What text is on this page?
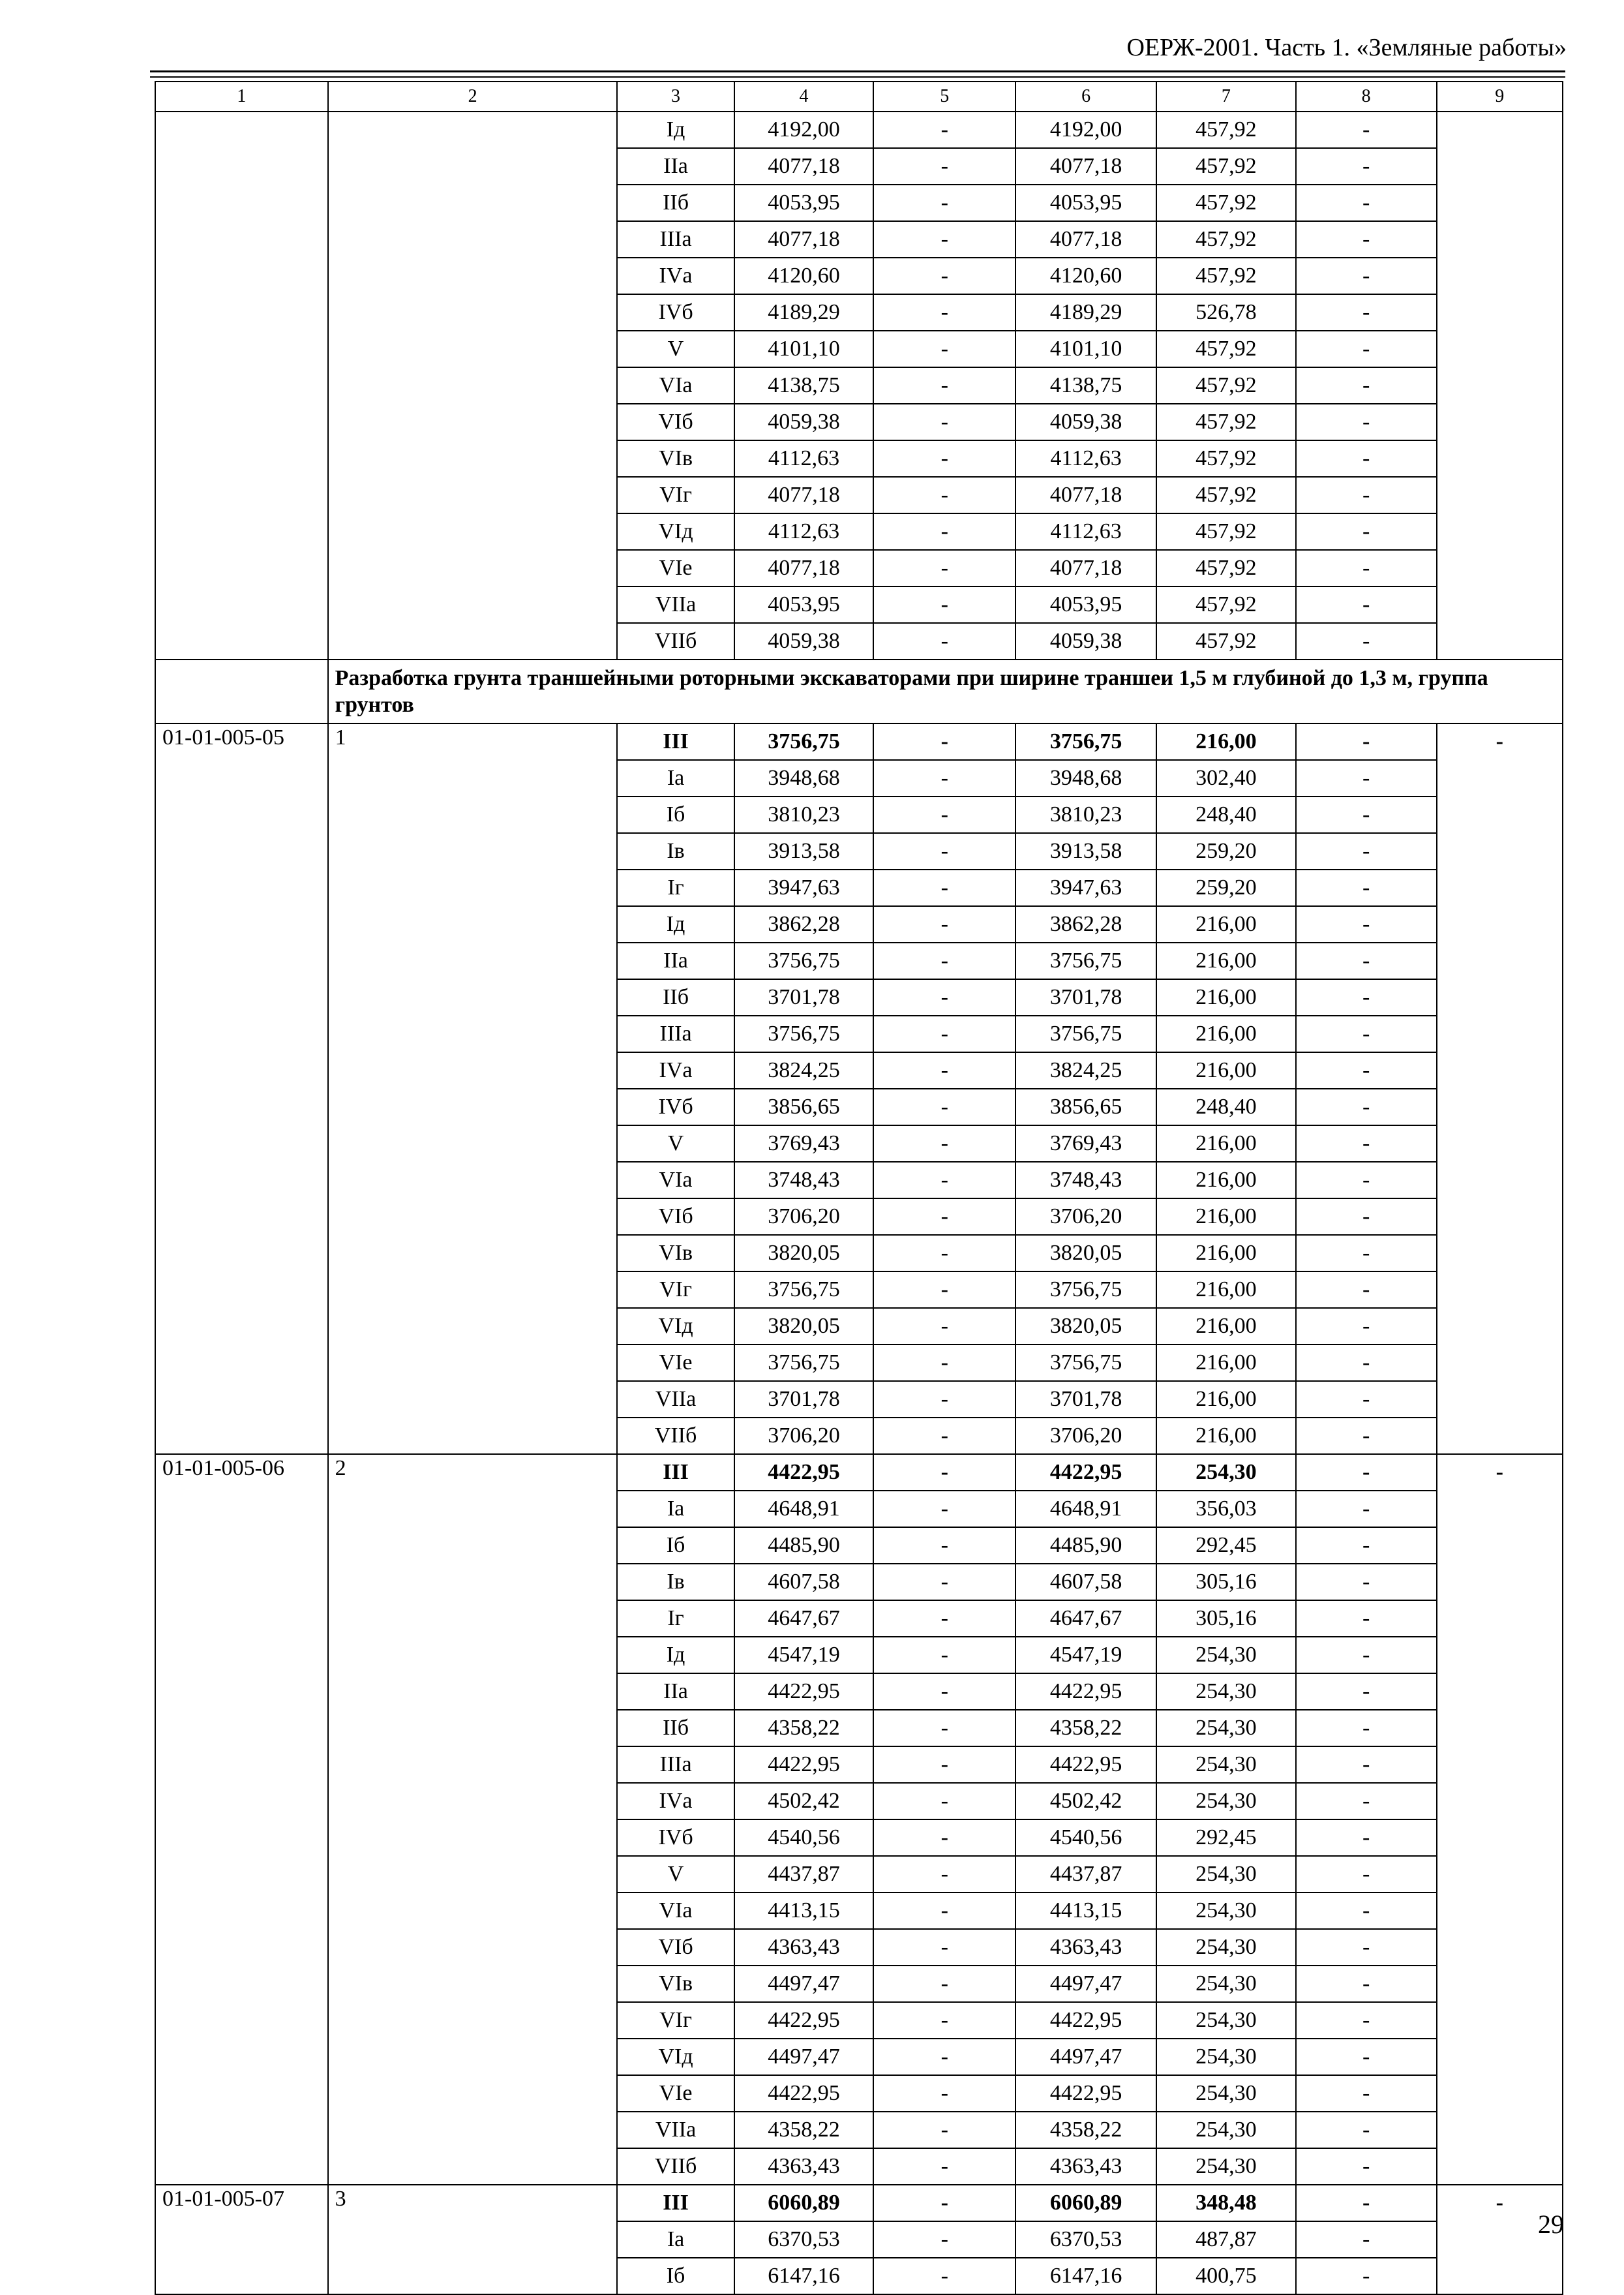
ОЕРЖ-2001. Часть 1. «Земляные работы»
1	2	3	4	5	6	7	8	9
		Iд	4192,00	-	4192,00	457,92	-	
		IIа	4077,18	-	4077,18	457,92	-	
		IIб	4053,95	-	4053,95	457,92	-	
		IIIа	4077,18	-	4077,18	457,92	-	
		IVа	4120,60	-	4120,60	457,92	-	
		IVб	4189,29	-	4189,29	526,78	-	
		V	4101,10	-	4101,10	457,92	-	
		VIа	4138,75	-	4138,75	457,92	-	
		VIб	4059,38	-	4059,38	457,92	-	
		VIв	4112,63	-	4112,63	457,92	-	
		VIг	4077,18	-	4077,18	457,92	-	
		VIд	4112,63	-	4112,63	457,92	-	
		VIе	4077,18	-	4077,18	457,92	-	
		VIIа	4053,95	-	4053,95	457,92	-	
		VIIб	4059,38	-	4059,38	457,92	-	
	Разработка грунта траншейными роторными экскаваторами при ширине траншеи 1,5 м глубиной до 1,3 м, группа грунтов							
01-01-005-05	1	III	3756,75	-	3756,75	216,00	-	-
		Iа	3948,68	-	3948,68	302,40	-	
		Iб	3810,23	-	3810,23	248,40	-	
		Iв	3913,58	-	3913,58	259,20	-	
		Iг	3947,63	-	3947,63	259,20	-	
		Iд	3862,28	-	3862,28	216,00	-	
		IIа	3756,75	-	3756,75	216,00	-	
		IIб	3701,78	-	3701,78	216,00	-	
		IIIа	3756,75	-	3756,75	216,00	-	
		IVа	3824,25	-	3824,25	216,00	-	
		IVб	3856,65	-	3856,65	248,40	-	
		V	3769,43	-	3769,43	216,00	-	
		VIа	3748,43	-	3748,43	216,00	-	
		VIб	3706,20	-	3706,20	216,00	-	
		VIв	3820,05	-	3820,05	216,00	-	
		VIг	3756,75	-	3756,75	216,00	-	
		VIд	3820,05	-	3820,05	216,00	-	
		VIе	3756,75	-	3756,75	216,00	-	
		VIIа	3701,78	-	3701,78	216,00	-	
		VIIб	3706,20	-	3706,20	216,00	-	
01-01-005-06	2	III	4422,95	-	4422,95	254,30	-	-
		Iа	4648,91	-	4648,91	356,03	-	
		Iб	4485,90	-	4485,90	292,45	-	
		Iв	4607,58	-	4607,58	305,16	-	
		Iг	4647,67	-	4647,67	305,16	-	
		Iд	4547,19	-	4547,19	254,30	-	
		IIа	4422,95	-	4422,95	254,30	-	
		IIб	4358,22	-	4358,22	254,30	-	
		IIIа	4422,95	-	4422,95	254,30	-	
		IVа	4502,42	-	4502,42	254,30	-	
		IVб	4540,56	-	4540,56	292,45	-	
		V	4437,87	-	4437,87	254,30	-	
		VIа	4413,15	-	4413,15	254,30	-	
		VIб	4363,43	-	4363,43	254,30	-	
		VIв	4497,47	-	4497,47	254,30	-	
		VIг	4422,95	-	4422,95	254,30	-	
		VIд	4497,47	-	4497,47	254,30	-	
		VIе	4422,95	-	4422,95	254,30	-	
		VIIа	4358,22	-	4358,22	254,30	-	
		VIIб	4363,43	-	4363,43	254,30	-	
01-01-005-07	3	III	6060,89	-	6060,89	348,48	-	-
		Iа	6370,53	-	6370,53	487,87	-	
		Iб	6147,16	-	6147,16	400,75	-	
29
